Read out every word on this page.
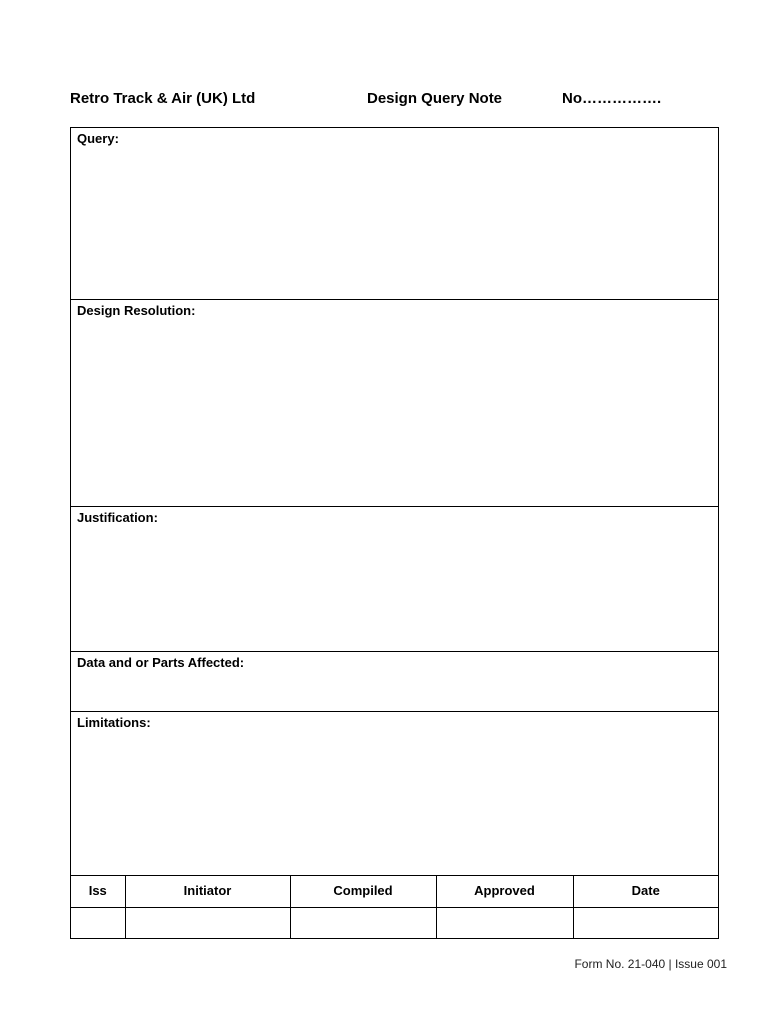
Retro Track & Air (UK) Ltd	Design Query Note	No…………….
Query:
Design Resolution:
Justification:
Data and or Parts Affected:
Limitations:
Iss	Initiator	Compiled	Approved	Date

Form No. 21-040 | Issue 001
